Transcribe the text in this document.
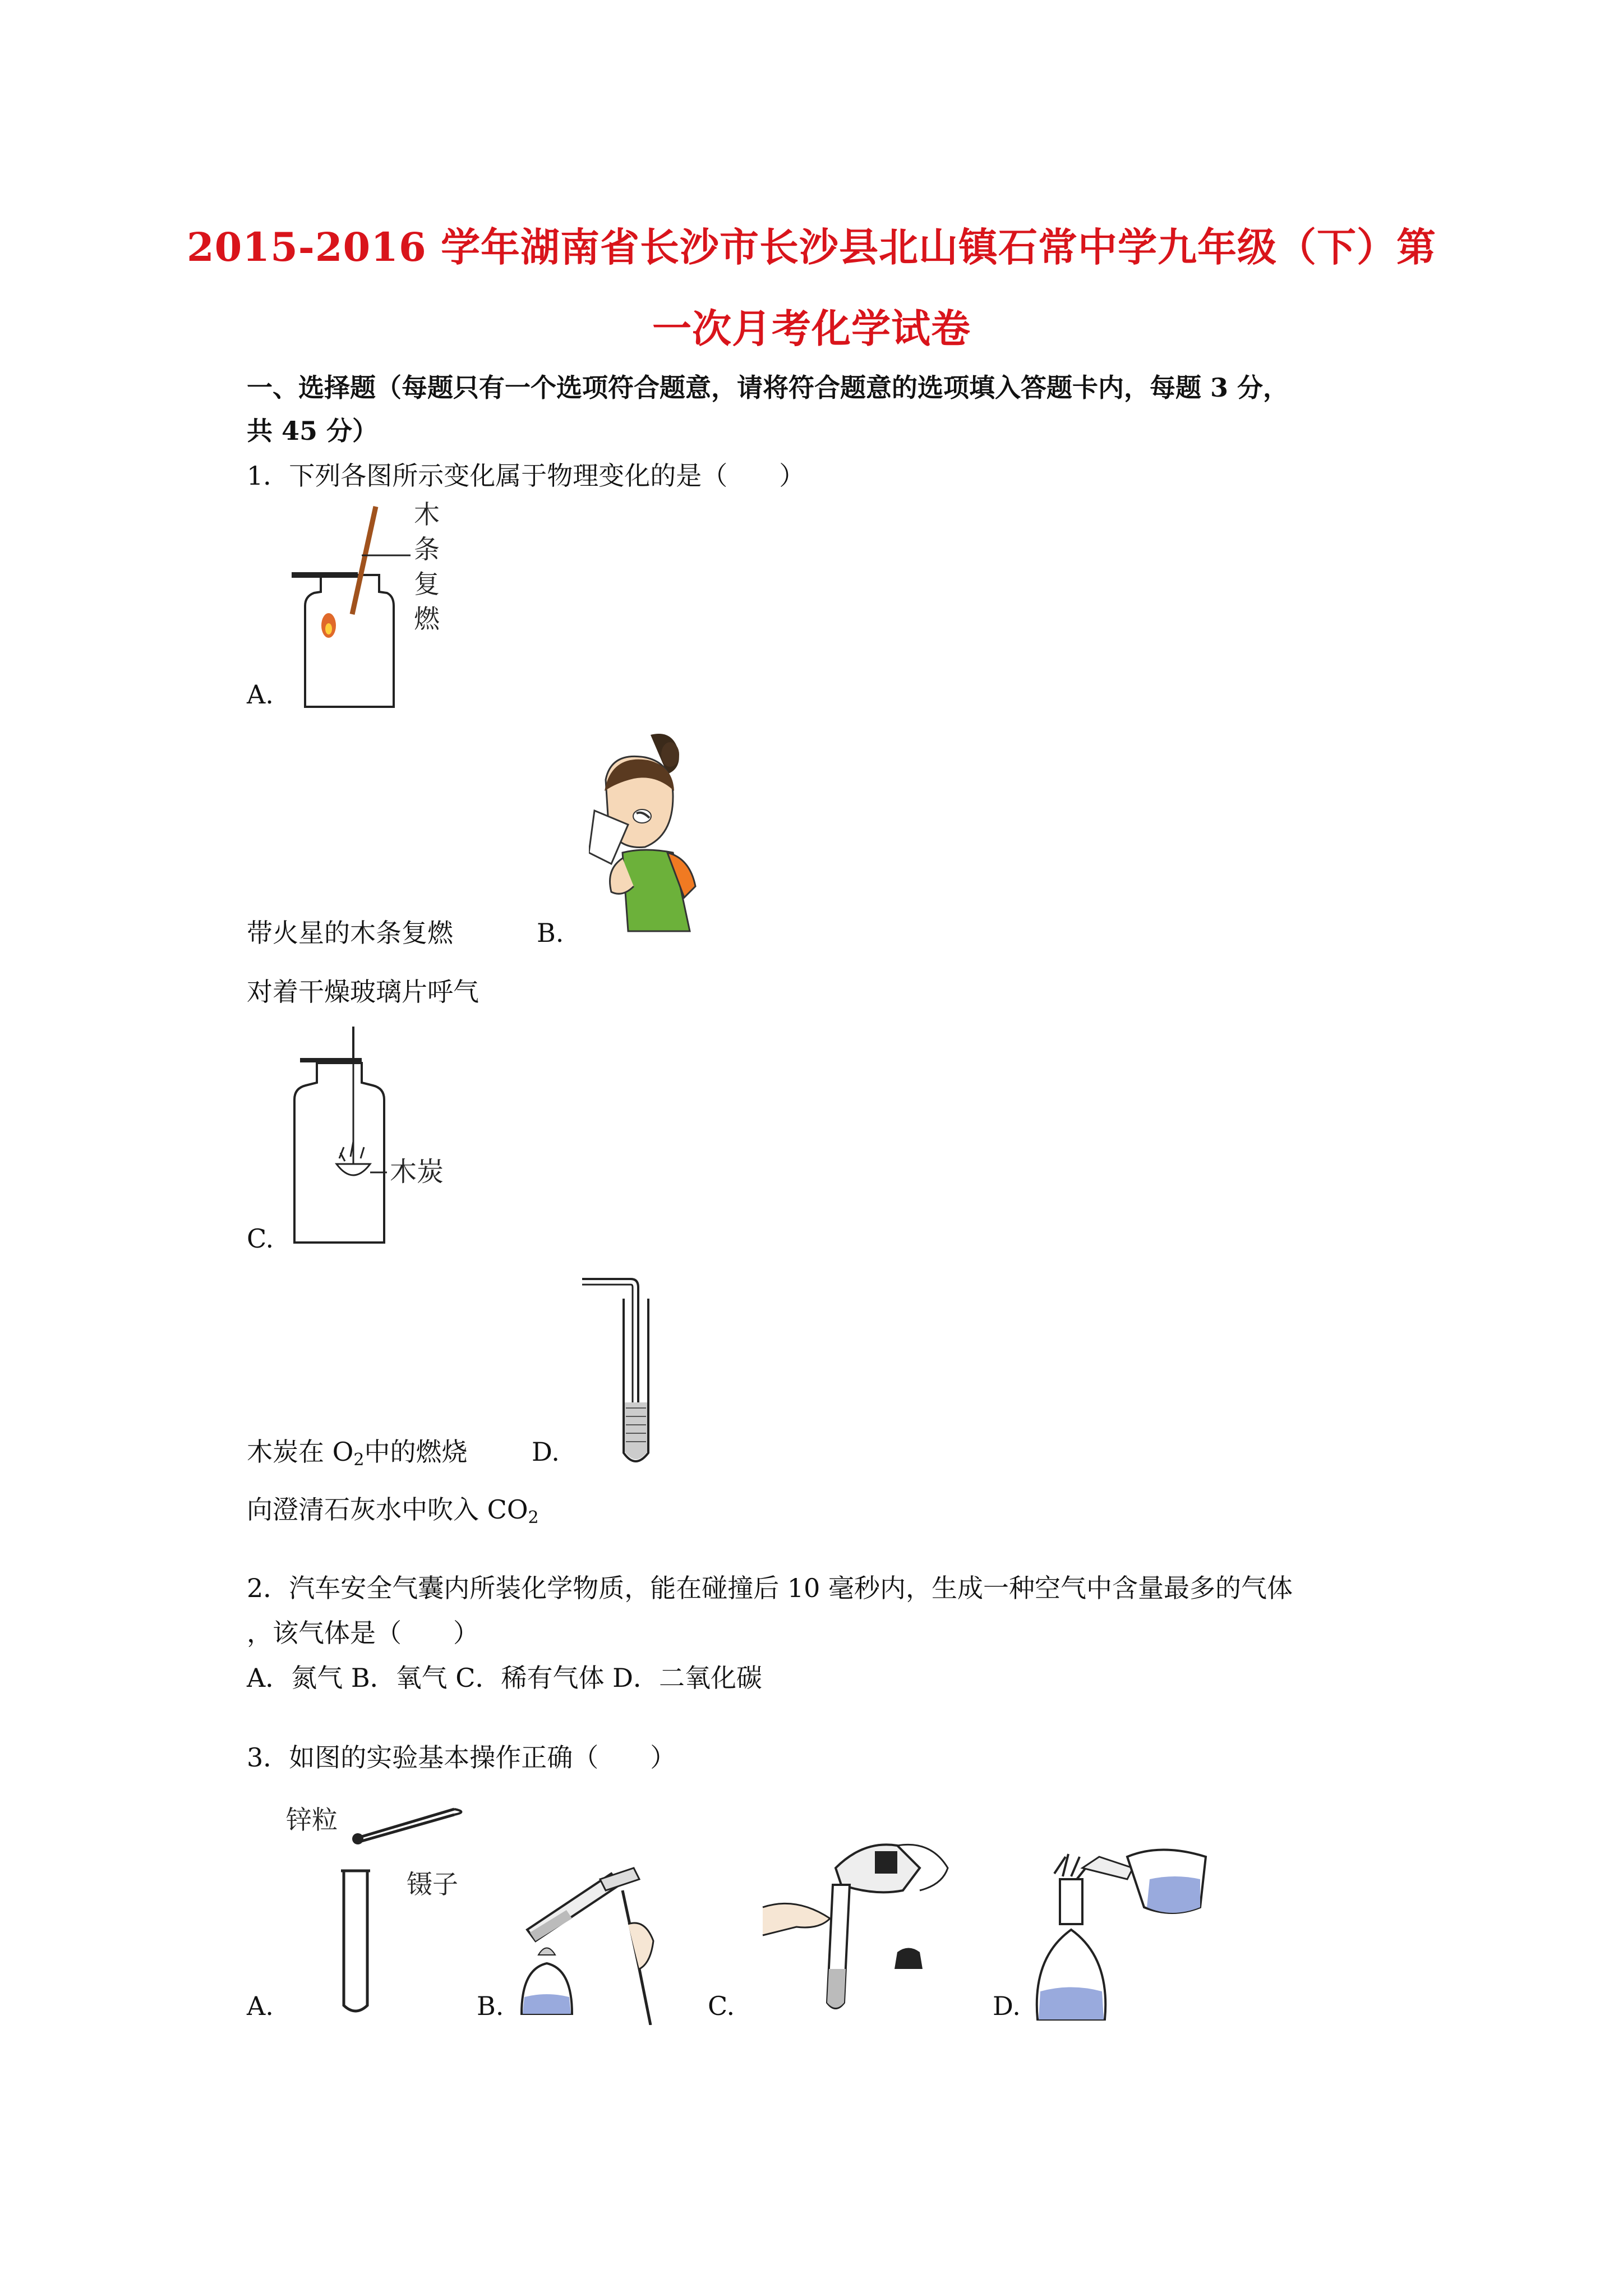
2015-2016 学年湖南省长沙市长沙县北山镇石常中学九年级（下）第
一次月考化学试卷
一、选择题（每题只有一个选项符合题意，请将符合题意的选项填入答题卡内，每题 3 分，
共 45 分）
1．下列各图所示变化属于物理变化的是（　　）
木
条
复
燃
A.
带火星的木条复燃	B.
对着干燥玻璃片呼气
木炭
C.
木炭在 $O_2$中的燃烧 D.
向澄清石灰水中吹入 $CO_2$
2．汽车安全气囊内所装化学物质，能在碰撞后 10 毫秒内，生成一种空气中含量最多的气体
，该气体是（　　）
A．氮气 B．氧气 C．稀有气体 D．二氧化碳
3．如图的实验基本操作正确（　　）
锌粒
镊子
A.	B.	C.	D.
